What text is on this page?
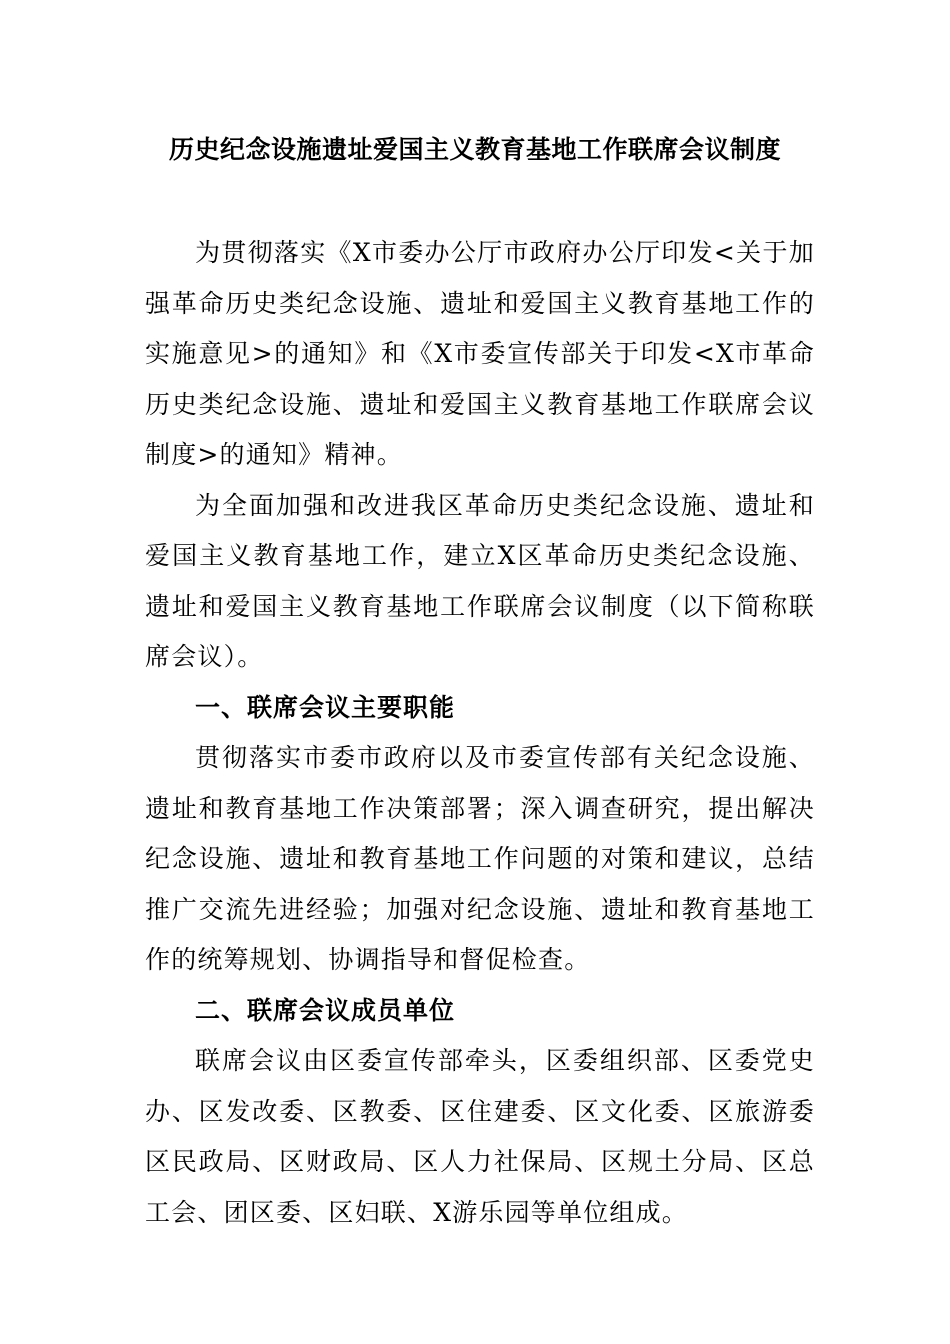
历史纪念设施遗址爱国主义教育基地工作联席会议制度

为贯彻落实《X市委办公厅市政府办公厅印发<关于加强革命历史类纪念设施、遗址和爱国主义教育基地工作的实施意见>的通知》和《X市委宣传部关于印发<X市革命历史类纪念设施、遗址和爱国主义教育基地工作联席会议制度>的通知》精神。

为全面加强和改进我区革命历史类纪念设施、遗址和爱国主义教育基地工作，建立X区革命历史类纪念设施、遗址和爱国主义教育基地工作联席会议制度（以下简称联席会议）。

一、联席会议主要职能

贯彻落实市委市政府以及市委宣传部有关纪念设施、遗址和教育基地工作决策部署；深入调查研究，提出解决纪念设施、遗址和教育基地工作问题的对策和建议，总结推广交流先进经验；加强对纪念设施、遗址和教育基地工作的统筹规划、协调指导和督促检查。

二、联席会议成员单位

联席会议由区委宣传部牵头，区委组织部、区委党史办、区发改委、区教委、区住建委、区文化委、区旅游委区民政局、区财政局、区人力社保局、区规土分局、区总工会、团区委、区妇联、X游乐园等单位组成。
